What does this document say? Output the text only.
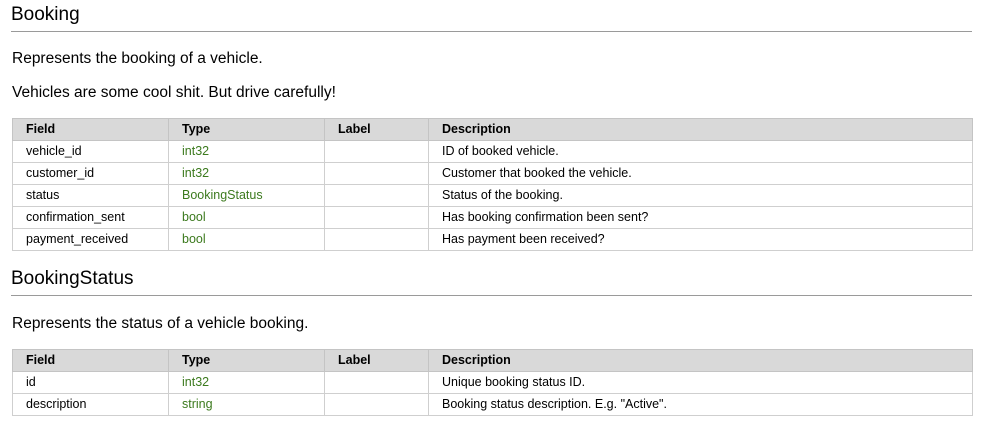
Booking

Represents the booking of a vehicle.

Vehicles are some cool shit. But drive carefully!

Field	Type	Label	Description
vehicle_id	int32		ID of booked vehicle.
customer_id	int32		Customer that booked the vehicle.
status	BookingStatus		Status of the booking.
confirmation_sent	bool		Has booking confirmation been sent?
payment_received	bool		Has payment been received?
BookingStatus

Represents the status of a vehicle booking.

Field	Type	Label	Description
id	int32		Unique booking status ID.
description	string		Booking status description. E.g. "Active".
